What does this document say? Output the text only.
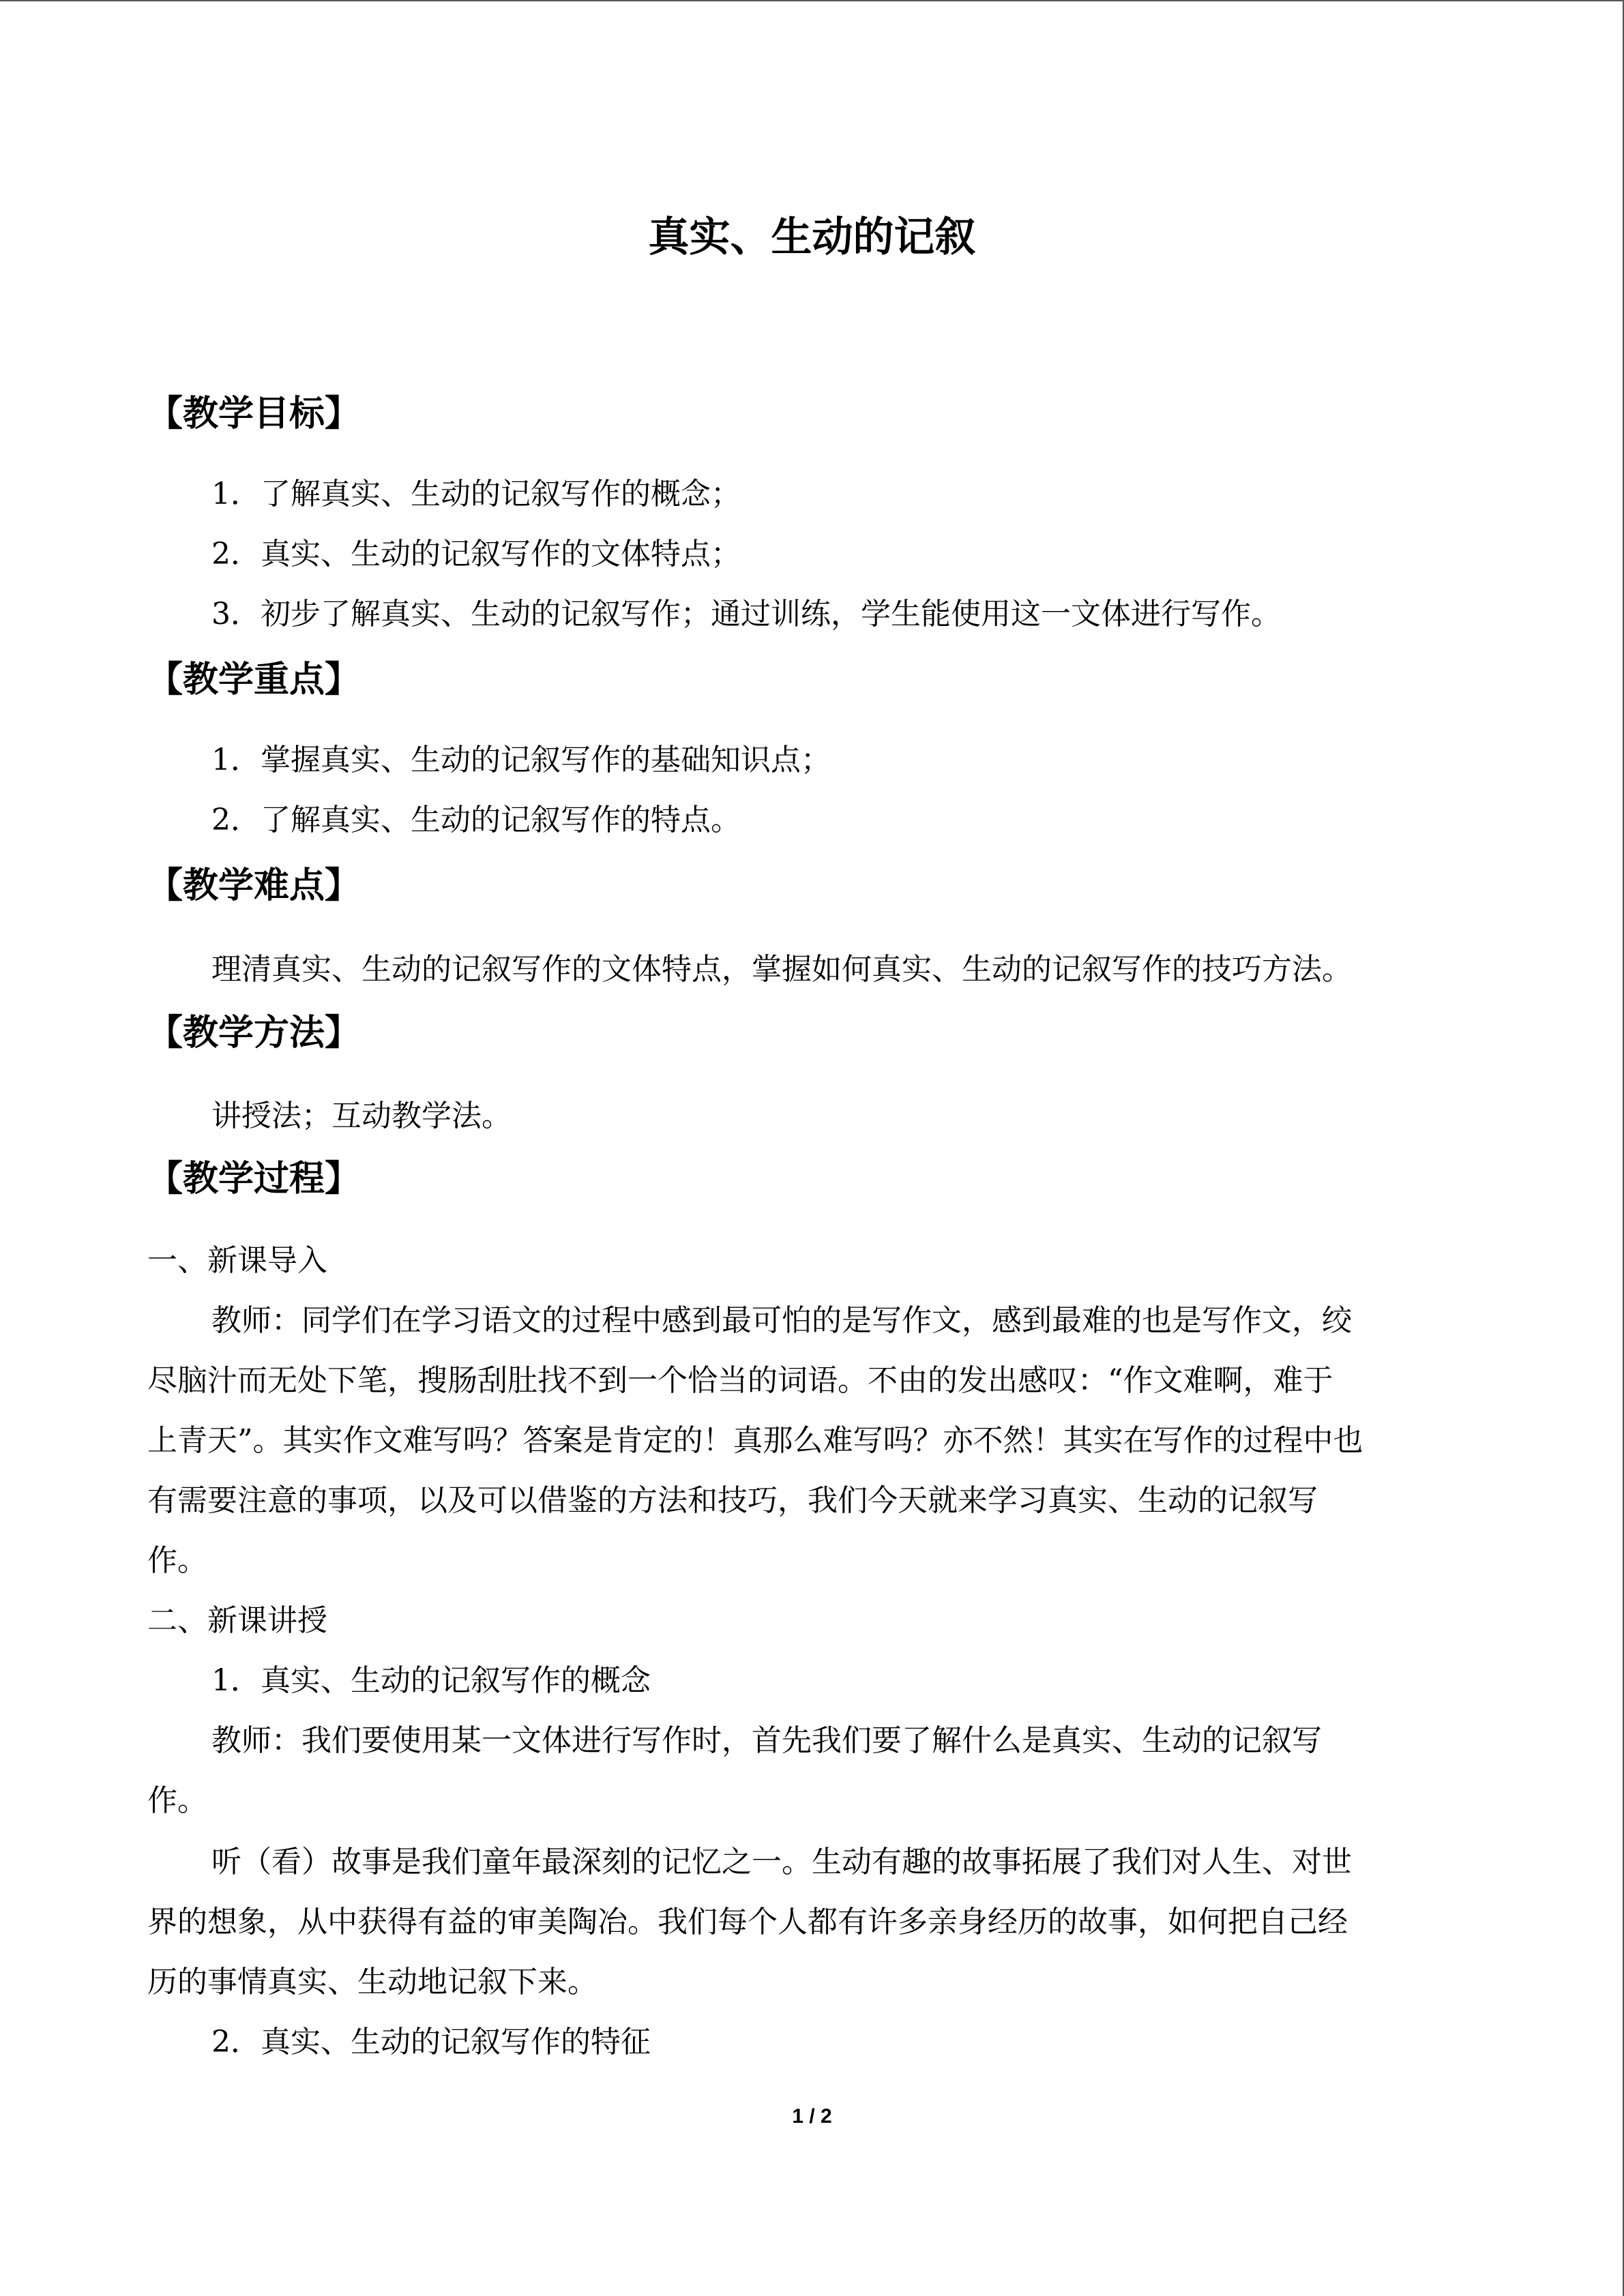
真实、生动的记叙
【教学目标】
1．了解真实、生动的记叙写作的概念；
2．真实、生动的记叙写作的文体特点；
3．初步了解真实、生动的记叙写作；通过训练，学生能使用这一文体进行写作。
【教学重点】
1．掌握真实、生动的记叙写作的基础知识点；
2．了解真实、生动的记叙写作的特点。
【教学难点】
理清真实、生动的记叙写作的文体特点，掌握如何真实、生动的记叙写作的技巧方法。
【教学方法】
讲授法；互动教学法。
【教学过程】
一、新课导入
教师：同学们在学习语文的过程中感到最可怕的是写作文，感到最难的也是写作文，绞
尽脑汁而无处下笔，搜肠刮肚找不到一个恰当的词语。不由的发出感叹：“作文难啊，难于
上青天”。其实作文难写吗？答案是肯定的！真那么难写吗？亦不然！其实在写作的过程中也
有需要注意的事项，以及可以借鉴的方法和技巧，我们今天就来学习真实、生动的记叙写
作。
二、新课讲授
1．真实、生动的记叙写作的概念
教师：我们要使用某一文体进行写作时，首先我们要了解什么是真实、生动的记叙写
作。
听（看）故事是我们童年最深刻的记忆之一。生动有趣的故事拓展了我们对人生、对世
界的想象，从中获得有益的审美陶冶。我们每个人都有许多亲身经历的故事，如何把自己经
历的事情真实、生动地记叙下来。
2．真实、生动的记叙写作的特征
1 / 2
